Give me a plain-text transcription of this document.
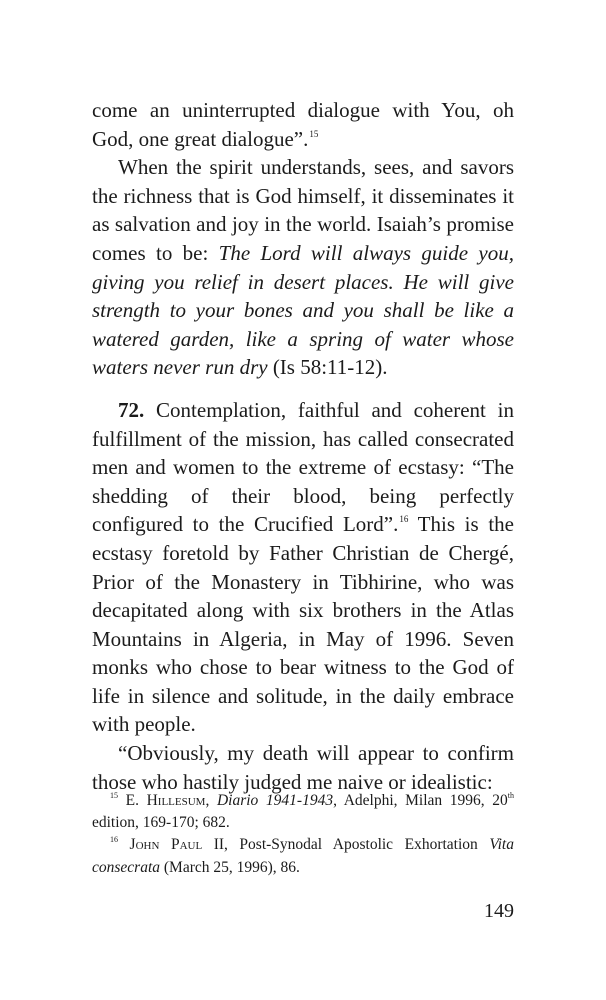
come an uninterrupted dialogue with You, oh God, one great dialogue”.$^{15}$

When the spirit understands, sees, and savors the richness that is God himself, it disseminates it as salvation and joy in the world. Isaiah’s promise comes to be: The Lord will always guide you, giving you relief in desert places. He will give strength to your bones and you shall be like a watered garden, like a spring of water whose waters never run dry (Is 58:11-12).

72. Contemplation, faithful and coherent in fulfillment of the mission, has called consecrated men and women to the extreme of ecstasy: “The shedding of their blood, being perfectly configured to the Crucified Lord”.$^{16}$ This is the ecstasy foretold by Father Christian de Chergé, Prior of the Monastery in Tibhirine, who was decapitated along with six brothers in the Atlas Mountains in Algeria, in May of 1996. Seven monks who chose to bear witness to the God of life in silence and solitude, in the daily embrace with people.

“Obviously, my death will appear to confirm those who hastily judged me naive or idealistic:

$^{15}$ E. Hillesum, Diario 1941-1943, Adelphi, Milan 1996, 20th edition, 169-170; 682.

$^{16}$ John Paul II, Post-Synodal Apostolic Exhortation Vita consecrata (March 25, 1996), 86.

149
